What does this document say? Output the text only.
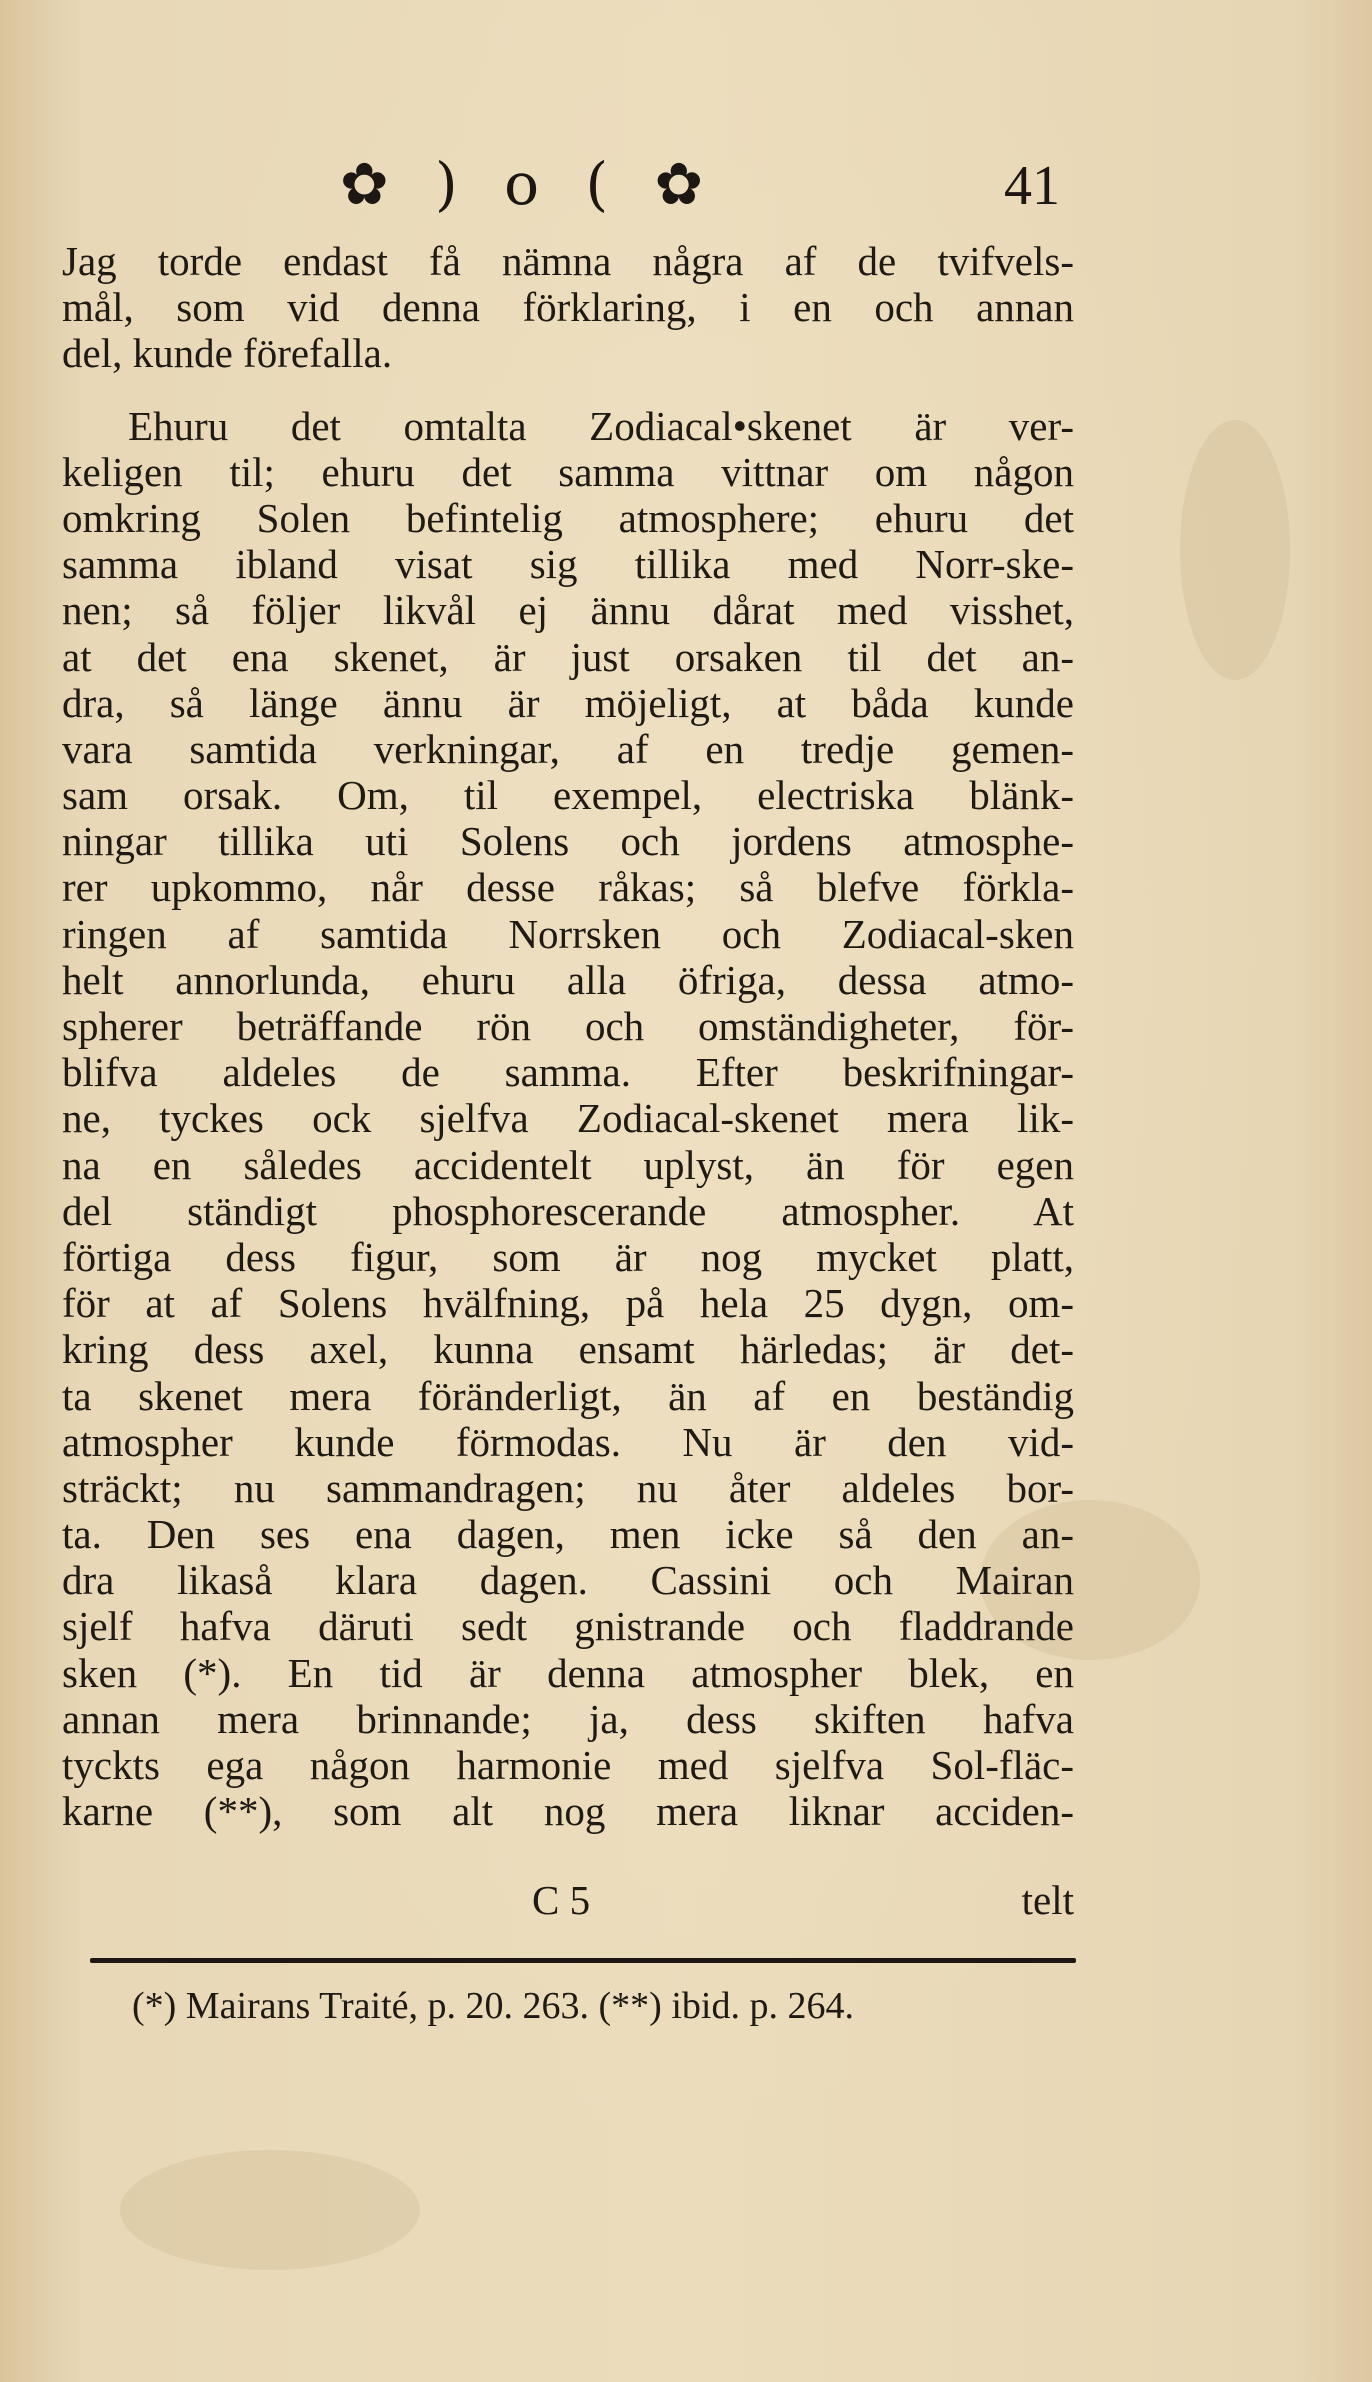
✿ ) o ( ✿	41
Jag torde endast få nämna några af de tvifvels-
mål, som vid denna förklaring, i en och annan
del, kunde förefalla.
Ehuru det omtalta Zodiacal•skenet är ver-
keligen til; ehuru det samma vittnar om någon
omkring Solen befintelig atmosphere; ehuru det
samma ibland visat sig tillika med Norr-ske-
nen; så följer likvål ej ännu dårat med visshet,
at det ena skenet, är just orsaken til det an-
dra, så länge ännu är möjeligt, at båda kunde
vara samtida verkningar, af en tredje gemen-
sam orsak. Om, til exempel, electriska blänk-
ningar tillika uti Solens och jordens atmosphe-
rer upkommo, når desse råkas; så blefve förkla-
ringen af samtida Norrsken och Zodiacal-sken
helt annorlunda, ehuru alla öfriga, dessa atmo-
spherer beträffande rön och omständigheter, för-
blifva aldeles de samma. Efter beskrifningar-
ne, tyckes ock sjelfva Zodiacal-skenet mera lik-
na en således accidentelt uplyst, än för egen
del ständigt phosphorescerande atmospher. At
förtiga dess figur, som är nog mycket platt,
för at af Solens hvälfning, på hela 25 dygn, om-
kring dess axel, kunna ensamt härledas; är det-
ta skenet mera föränderligt, än af en beständig
atmospher kunde förmodas. Nu är den vid-
sträckt; nu sammandragen; nu åter aldeles bor-
ta. Den ses ena dagen, men icke så den an-
dra likaså klara dagen. Cassini och Mairan
sjelf hafva däruti sedt gnistrande och fladdrande
sken (*). En tid är denna atmospher blek, en
annan mera brinnande; ja, dess skiften hafva
tyckts ega någon harmonie med sjelfva Sol-fläc-
karne (**), som alt nog mera liknar acciden-
C 5	telt
(*) Mairans Traité, p. 20. 263. (**) ibid. p. 264.
